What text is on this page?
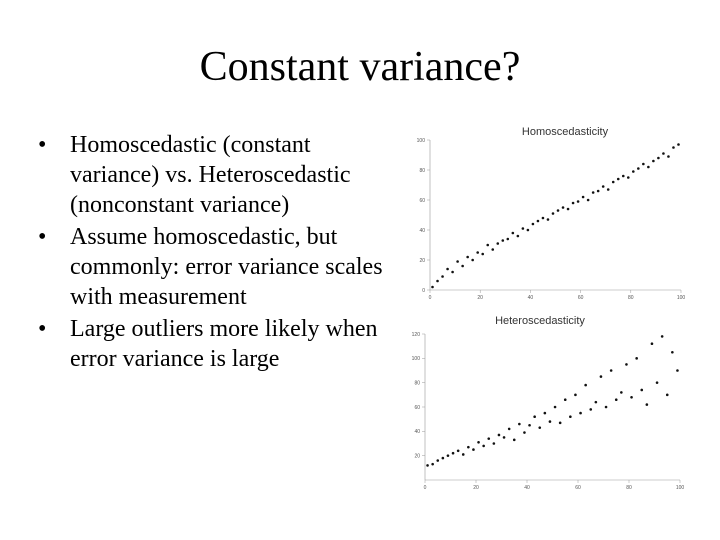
Constant variance?
• Homoscedastic (constant variance) vs. Heteroscedastic (nonconstant variance)
• Assume homoscedastic, but commonly: error variance scales with measurement
• Large outliers more likely when error variance is large
Homoscedasticity
0	20	40	60	80	100
0
20
40
60
80
100
Heteroscedasticity
0	20	40	60	80	100
20
40
60
80
100
120
